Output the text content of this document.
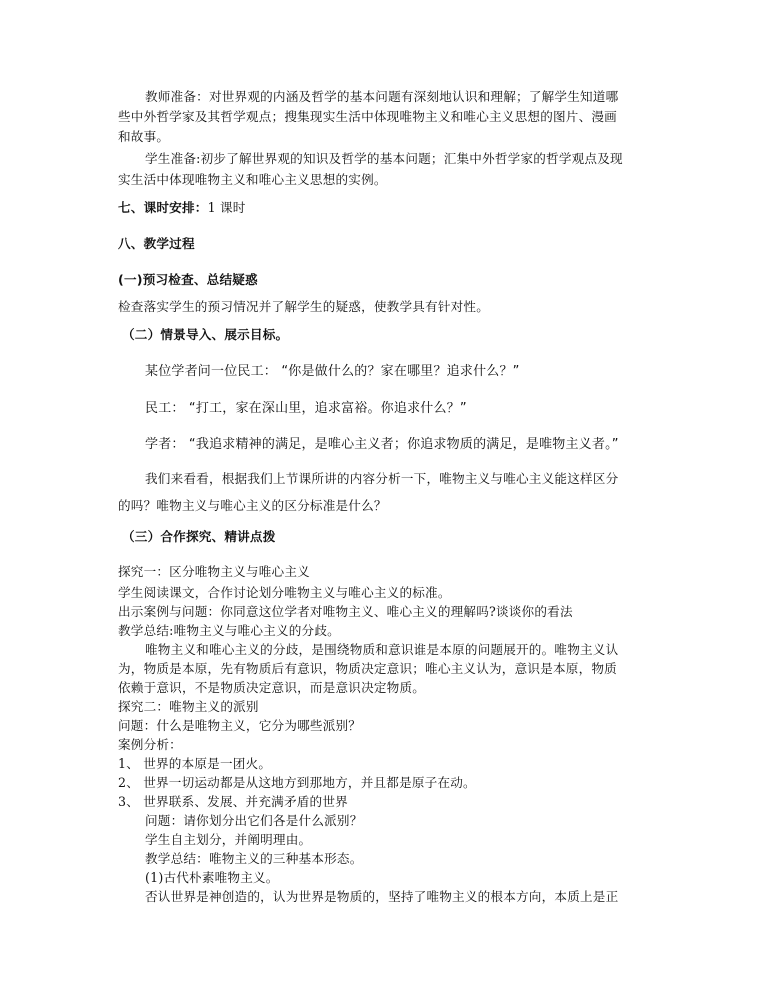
教师准备：对世界观的内涵及哲学的基本问题有深刻地认识和理解；了解学生知道哪
些中外哲学家及其哲学观点；搜集现实生活中体现唯物主义和唯心主义思想的图片、漫画
和故事。
学生准备:初步了解世界观的知识及哲学的基本问题；汇集中外哲学家的哲学观点及现
实生活中体现唯物主义和唯心主义思想的实例。
七、课时安排：1 课时
八、教学过程
(一)预习检查、总结疑惑
检查落实学生的预习情况并了解学生的疑惑，使教学具有针对性。
（二）情景导入、展示目标。
某位学者问一位民工： “你是做什么的？家在哪里？追求什么？”
民工： “打工，家在深山里，追求富裕。你追求什么？”
学者： “我追求精神的满足，是唯心主义者；你追求物质的满足，是唯物主义者。”
我们来看看，根据我们上节课所讲的内容分析一下，唯物主义与唯心主义能这样区分
的吗？唯物主义与唯心主义的区分标准是什么？
（三）合作探究、精讲点拨
探究一：区分唯物主义与唯心主义
学生阅读课文，合作讨论划分唯物主义与唯心主义的标准。
出示案例与问题：你同意这位学者对唯物主义、唯心主义的理解吗?谈谈你的看法
教学总结:唯物主义与唯心主义的分歧。
唯物主义和唯心主义的分歧，是围绕物质和意识谁是本原的问题展开的。唯物主义认
为，物质是本原，先有物质后有意识，物质决定意识；唯心主义认为，意识是本原，物质
依赖于意识，不是物质决定意识，而是意识决定物质。
探究二：唯物主义的派别
问题：什么是唯物主义，它分为哪些派别？
案例分析：
1、 世界的本原是一团火。
2、 世界一切运动都是从这地方到那地方，并且都是原子在动。
3、 世界联系、发展、并充满矛盾的世界
问题：请你划分出它们各是什么派别？
学生自主划分，并阐明理由。
教学总结：唯物主义的三种基本形态。
(1)古代朴素唯物主义。
否认世界是神创造的，认为世界是物质的，坚持了唯物主义的根本方向，本质上是正
